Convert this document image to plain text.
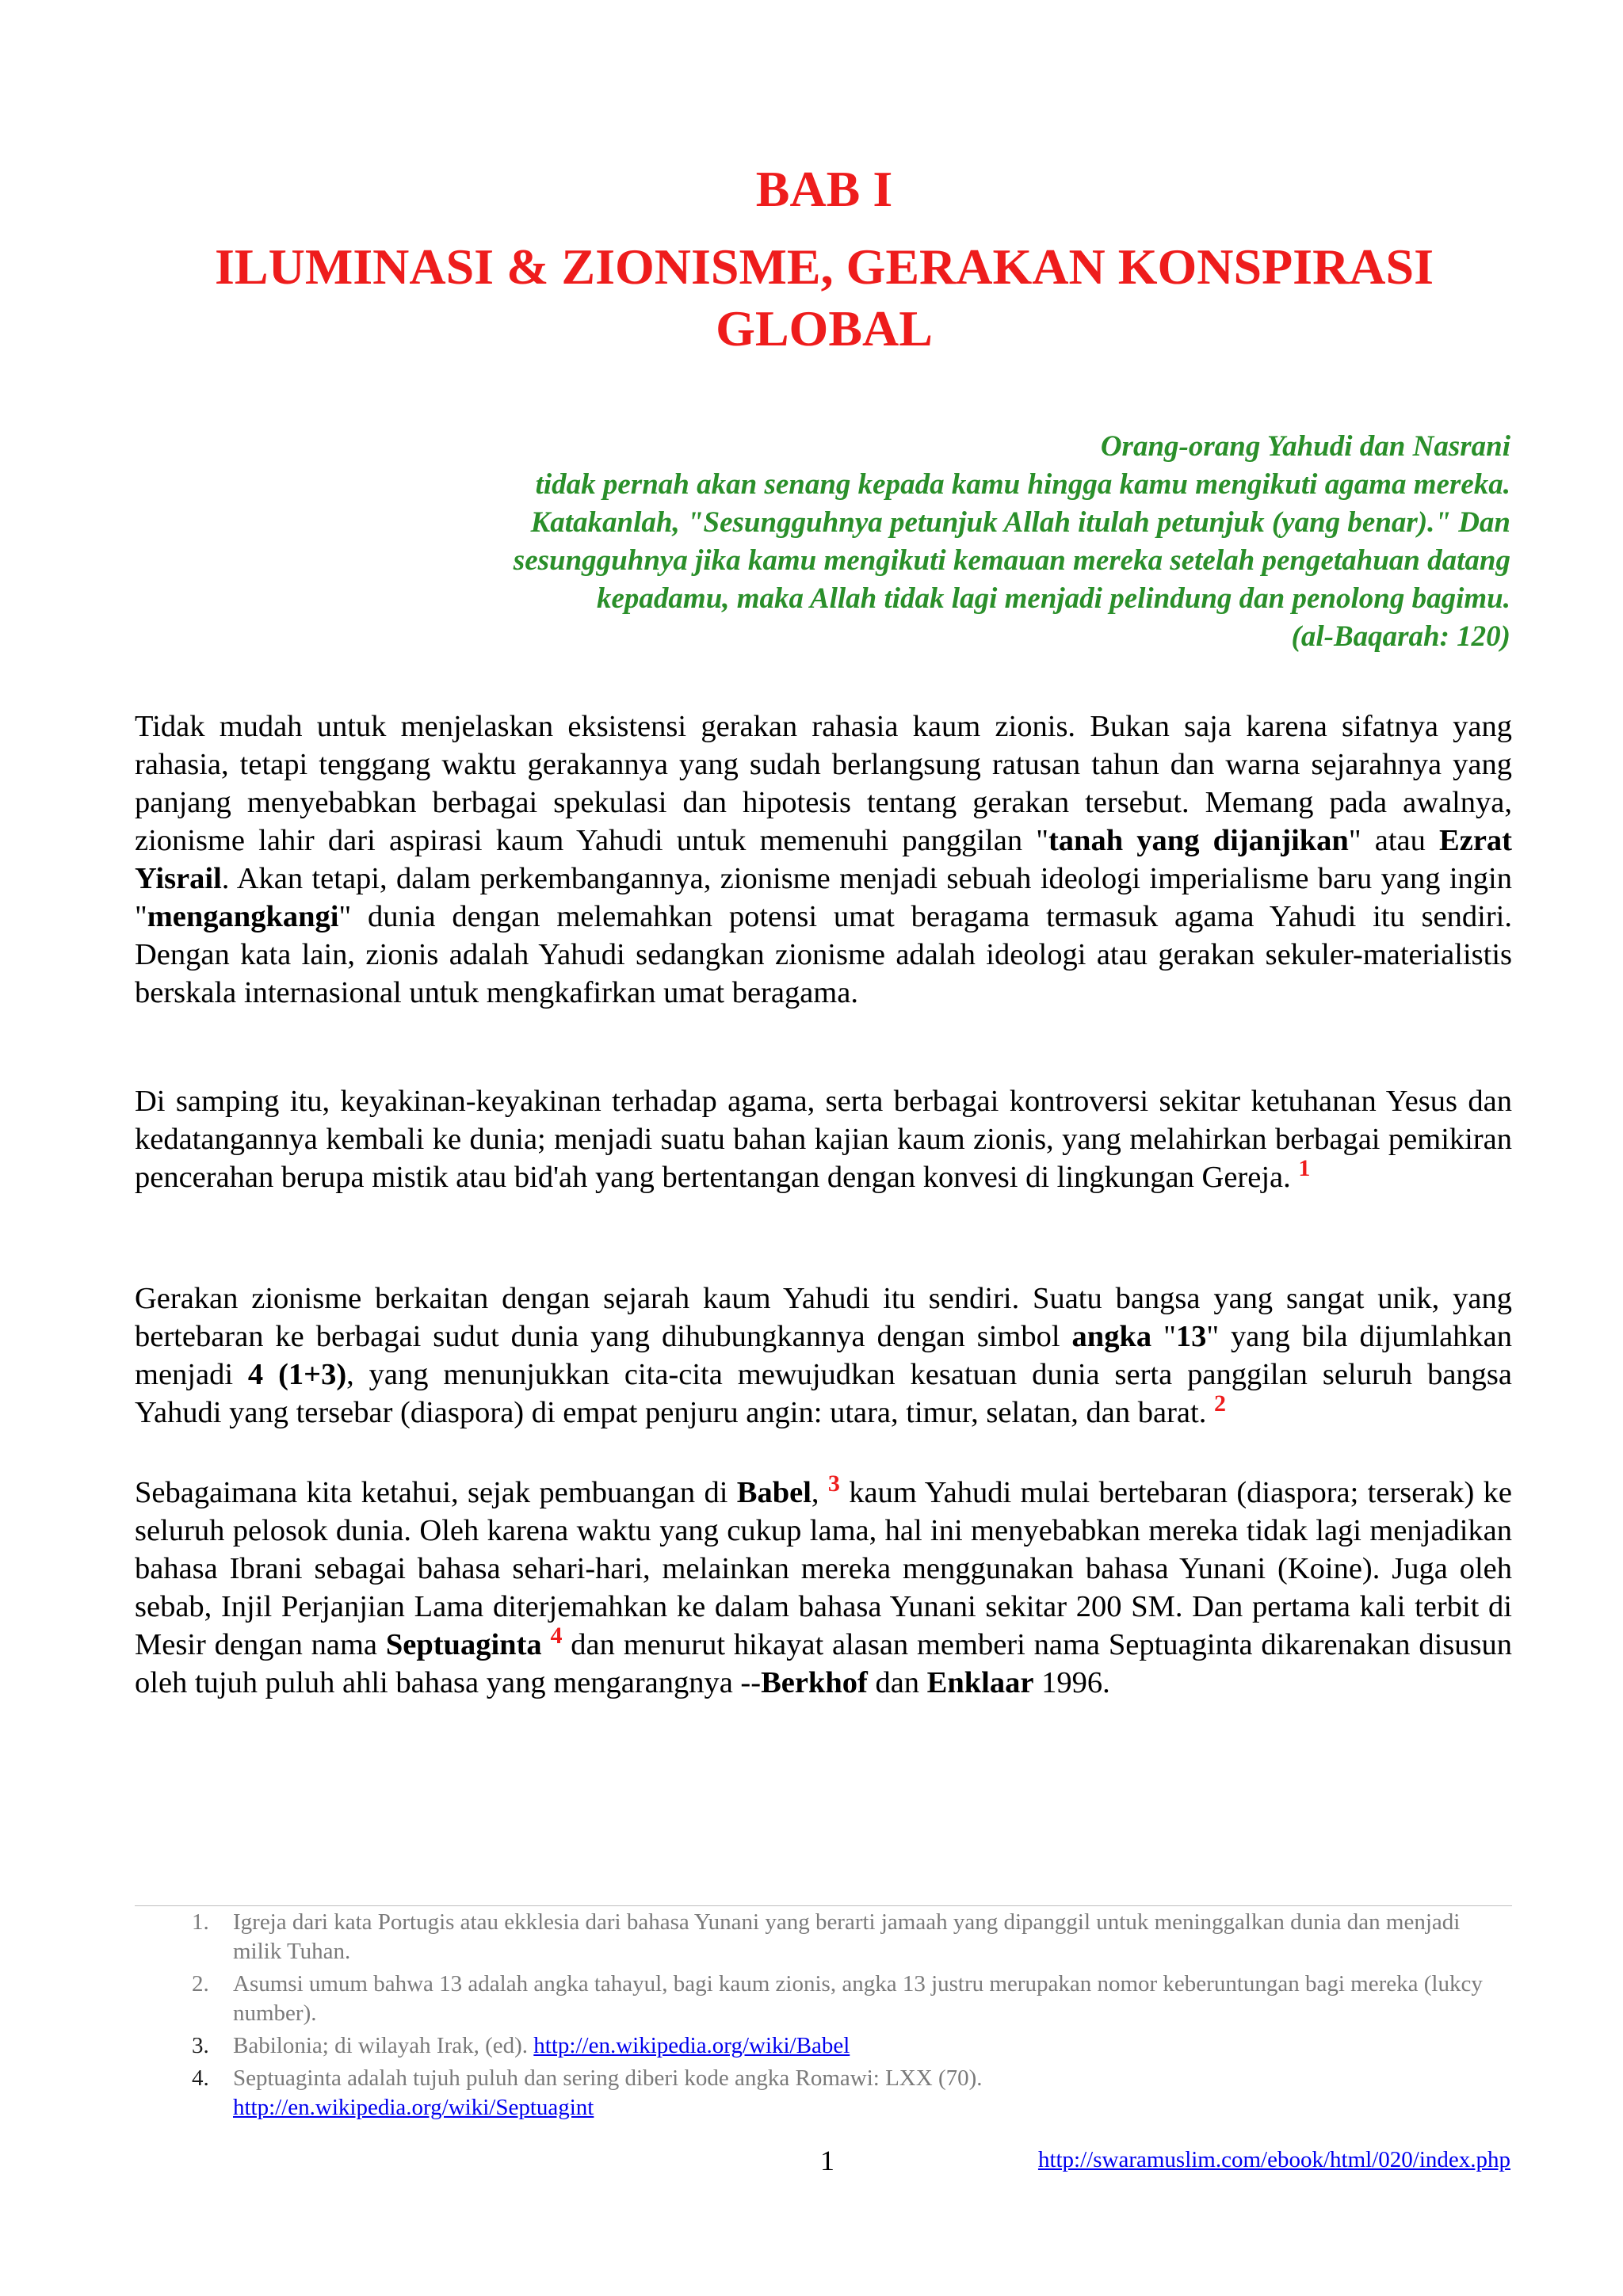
BAB I
ILUMINASI & ZIONISME, GERAKAN KONSPIRASI GLOBAL
Orang-orang Yahudi dan Nasrani
tidak pernah akan senang kepada kamu hingga kamu mengikuti agama mereka.
Katakanlah, "Sesungguhnya petunjuk Allah itulah petunjuk (yang benar)." Dan
sesungguhnya jika kamu mengikuti kemauan mereka setelah pengetahuan datang
kepadamu, maka Allah tidak lagi menjadi pelindung dan penolong bagimu.
(al-Baqarah: 120)

Tidak mudah untuk menjelaskan eksistensi gerakan rahasia kaum zionis. Bukan saja karena sifatnya yang rahasia, tetapi tenggang waktu gerakannya yang sudah berlangsung ratusan tahun dan warna sejarahnya yang panjang menyebabkan berbagai spekulasi dan hipotesis tentang gerakan tersebut. Memang pada awalnya, zionisme lahir dari aspirasi kaum Yahudi untuk memenuhi panggilan "tanah yang dijanjikan" atau Ezrat Yisrail. Akan tetapi, dalam perkembangannya, zionisme menjadi sebuah ideologi imperialisme baru yang ingin "mengangkangi" dunia dengan melemahkan potensi umat beragama termasuk agama Yahudi itu sendiri. Dengan kata lain, zionis adalah Yahudi sedangkan zionisme adalah ideologi atau gerakan sekuler-materialistis berskala internasional untuk mengkafirkan umat beragama.

Di samping itu, keyakinan-keyakinan terhadap agama, serta berbagai kontroversi sekitar ketuhanan Yesus dan kedatangannya kembali ke dunia; menjadi suatu bahan kajian kaum zionis, yang melahirkan berbagai pemikiran pencerahan berupa mistik atau bid'ah yang bertentangan dengan konvesi di lingkungan Gereja. $^1$

Gerakan zionisme berkaitan dengan sejarah kaum Yahudi itu sendiri. Suatu bangsa yang sangat unik, yang bertebaran ke berbagai sudut dunia yang dihubungkannya dengan simbol angka "13" yang bila dijumlahkan menjadi 4 (1+3), yang menunjukkan cita-cita mewujudkan kesatuan dunia serta panggilan seluruh bangsa Yahudi yang tersebar (diaspora) di empat penjuru angin: utara, timur, selatan, dan barat. $^2$

Sebagaimana kita ketahui, sejak pembuangan di Babel, $^3$ kaum Yahudi mulai bertebaran (diaspora; terserak) ke seluruh pelosok dunia. Oleh karena waktu yang cukup lama, hal ini menyebabkan mereka tidak lagi menjadikan bahasa Ibrani sebagai bahasa sehari-hari, melainkan mereka menggunakan bahasa Yunani (Koine). Juga oleh sebab, Injil Perjanjian Lama diterjemahkan ke dalam bahasa Yunani sekitar 200 SM. Dan pertama kali terbit di Mesir dengan nama Septuaginta $^4$ dan menurut hikayat alasan memberi nama Septuaginta dikarenakan disusun oleh tujuh puluh ahli bahasa yang mengarangnya --Berkhof dan Enklaar 1996.

1. Igreja dari kata Portugis atau ekklesia dari bahasa Yunani yang berarti jamaah yang dipanggil untuk meninggalkan dunia dan menjadi milik Tuhan.
2. Asumsi umum bahwa 13 adalah angka tahayul, bagi kaum zionis, angka 13 justru merupakan nomor keberuntungan bagi mereka (lukcy number).
3. Babilonia; di wilayah Irak, (ed). http://en.wikipedia.org/wiki/Babel
4. Septuaginta adalah tujuh puluh dan sering diberi kode angka Romawi: LXX (70).
http://en.wikipedia.org/wiki/Septuagint
1	http://swaramuslim.com/ebook/html/020/index.php
